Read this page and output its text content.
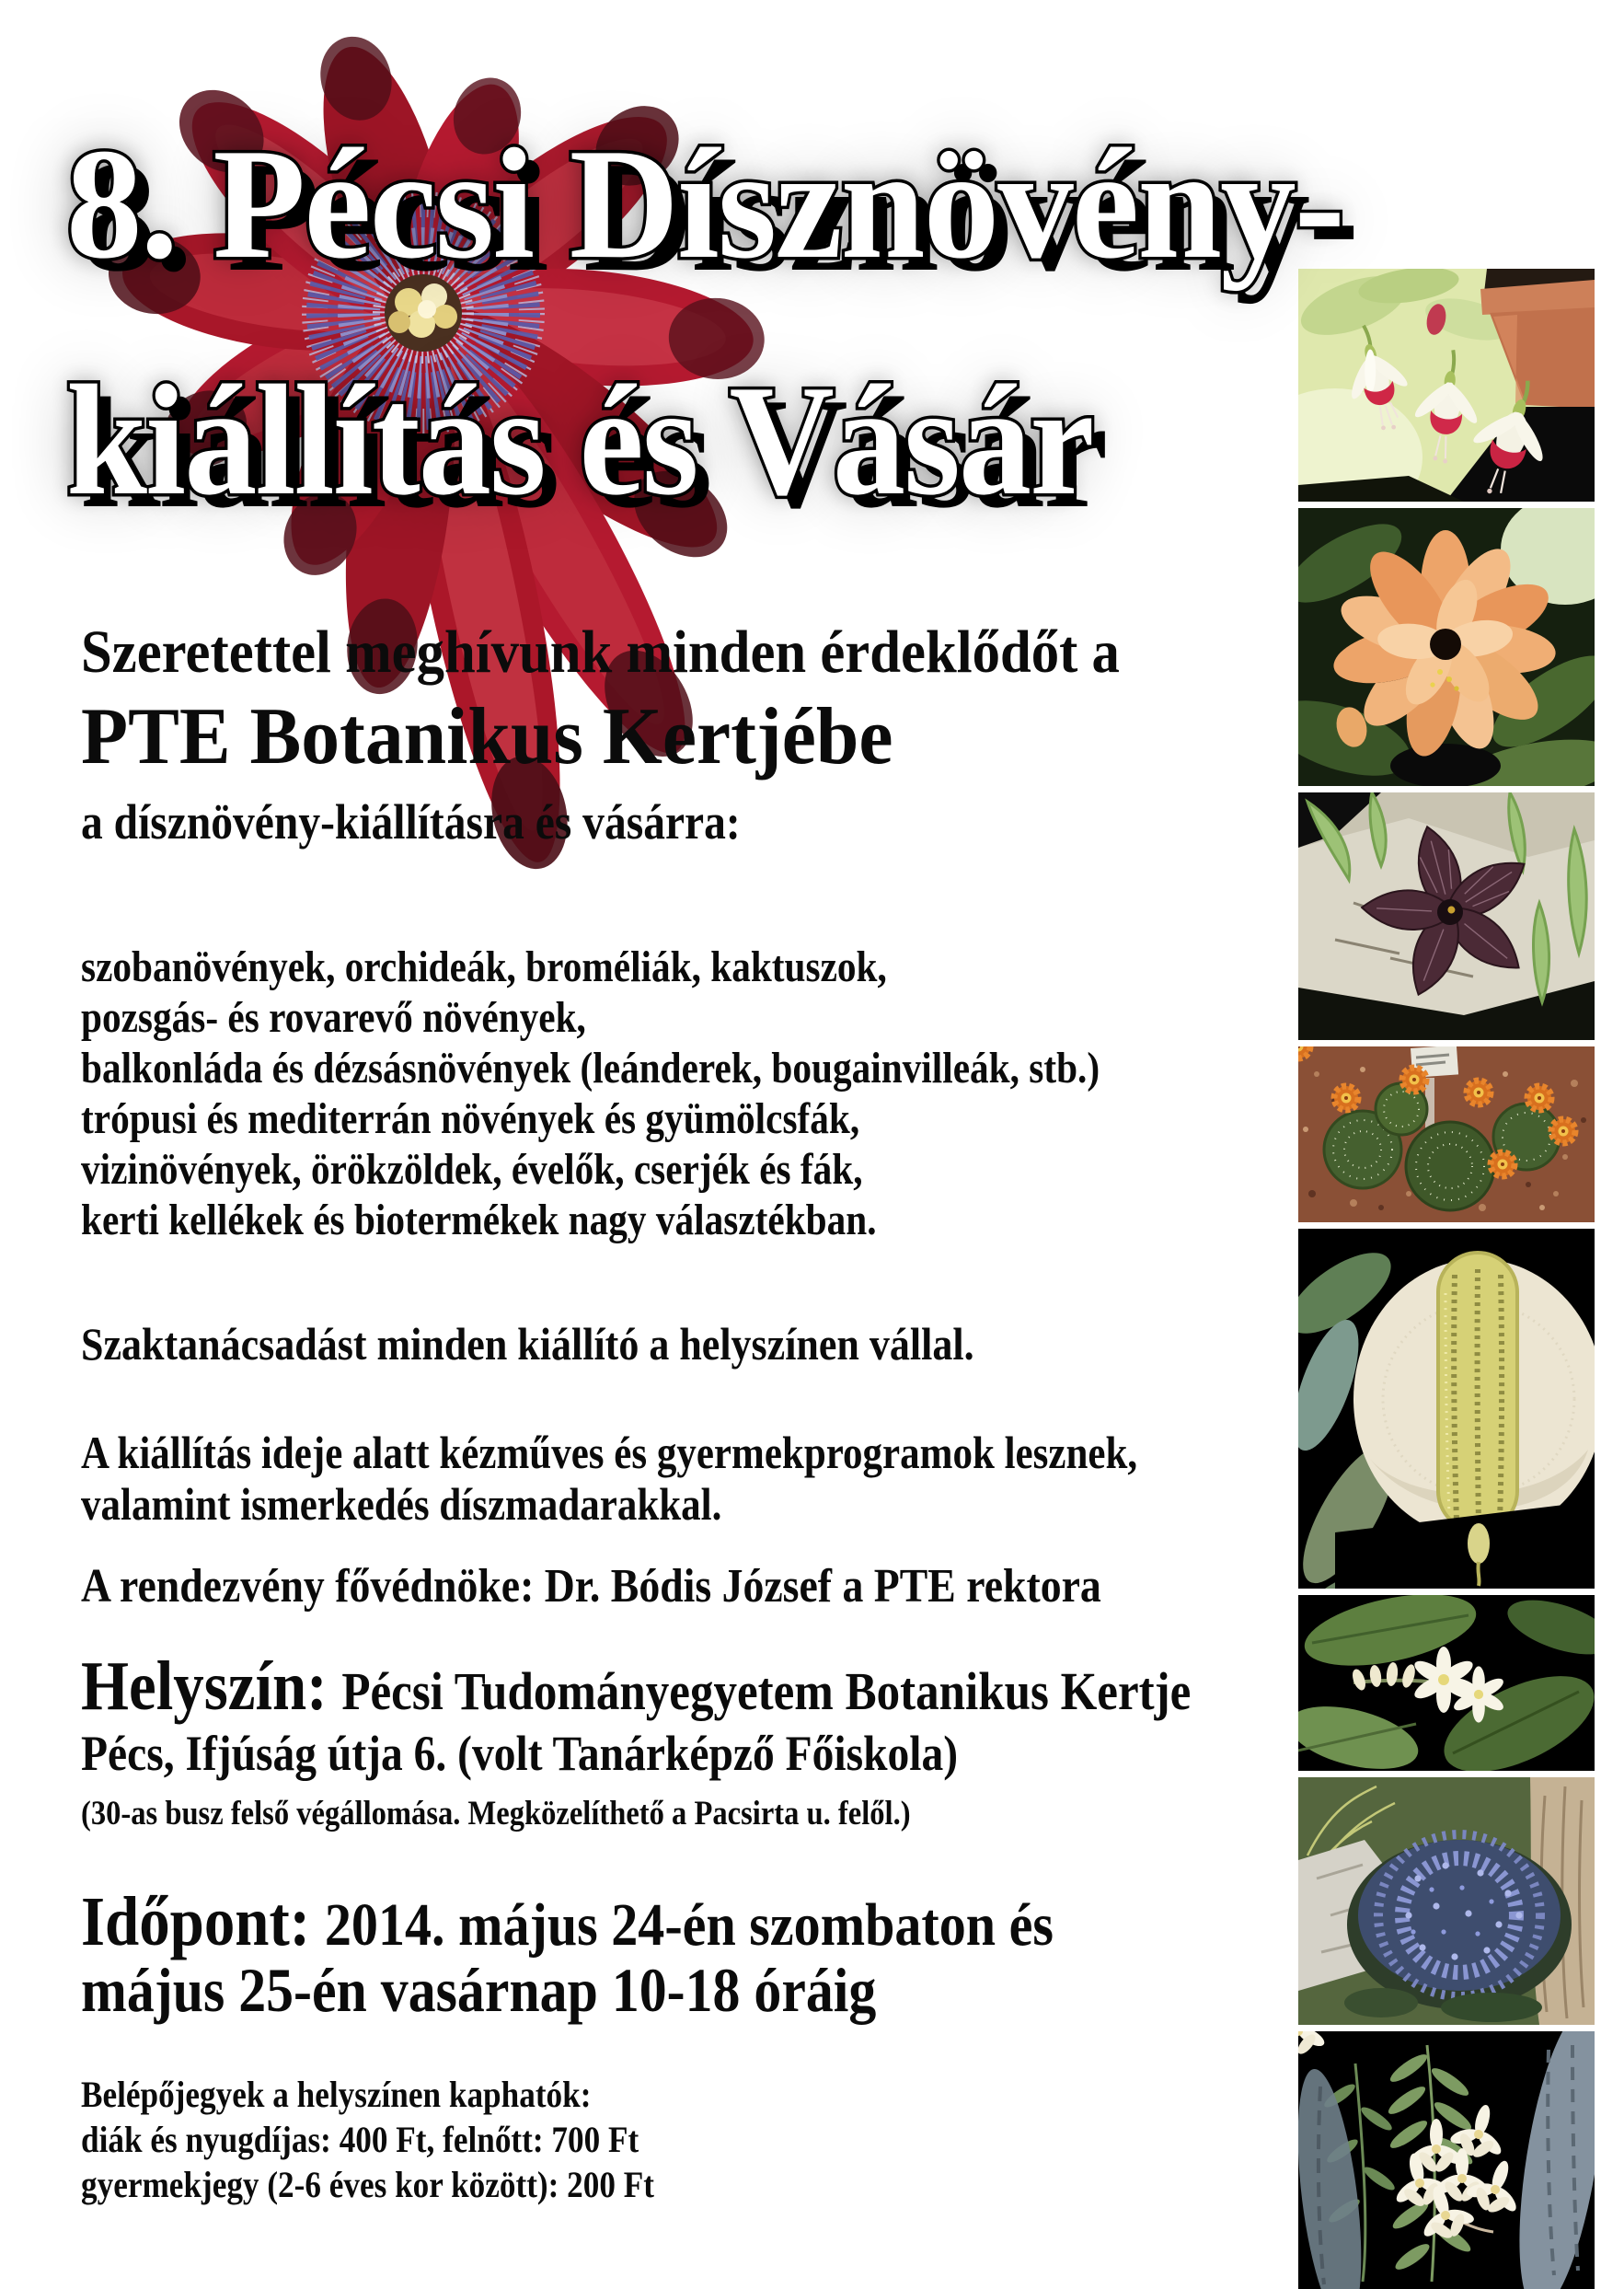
8. Pécsi Dísznövény-
kiállítás és Vásár
Szeretettel meghívunk minden érdeklődőt a
PTE Botanikus Kertjébe
a dísznövény-kiállításra és vásárra:
szobanövények, orchideák, broméliák, kaktuszok,
pozsgás- és rovarevő növények,
balkonláda és dézsásnövények (leánderek, bougainvilleák, stb.)
trópusi és mediterrán növények és gyümölcsfák,
vizinövények, örökzöldek, évelők, cserjék és fák,
kerti kellékek és biotermékek nagy választékban.
Szaktanácsadást minden kiállító a helyszínen vállal.
A kiállítás ideje alatt kézműves és gyermekprogramok lesznek,
valamint ismerkedés díszmadarakkal.
A rendezvény fővédnöke: Dr. Bódis József a PTE rektora
Helyszín: Pécsi Tudományegyetem Botanikus Kertje
Pécs, Ifjúság útja 6. (volt Tanárképző Főiskola)
(30-as busz felső végállomása. Megközelíthető a Pacsirta u. felől.)
Időpont: 2014. május 24-én szombaton és
május 25-én vasárnap 10-18 óráig
Belépőjegyek a helyszínen kaphatók:
diák és nyugdíjas: 400 Ft, felnőtt: 700 Ft
gyermekjegy (2-6 éves kor között): 200 Ft
